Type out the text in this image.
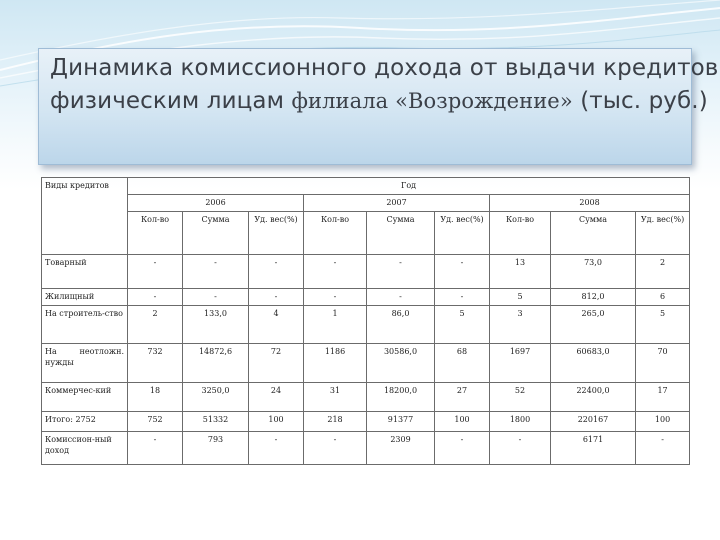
Динамика комиссионного дохода от выдачи кредитов
физическим лицам филиала «Возрождение» (тыс. руб.)
Виды кредитов	Год								
	2006			2007			2008		
	Кол-во	Сумма	Уд. вес(%)	Кол-во	Сумма	Уд. вес(%)	Кол-во	Сумма	Уд. вес(%)
Товарный	-	-	-	-	-	-	13	73,0	2
Жилищный	-	-	-	-	-	-	5	812,0	6
На строитель-ство	2	133,0	4	1	86,0	5	3	265,0	5
На неотложн. нужды	732	14872,6	72	1186	30586,0	68	1697	60683,0	70
Коммерчес-кий	18	3250,0	24	31	18200,0	27	52	22400,0	17
Итого: 2752	752	51332	100	218	91377	100	1800	220167	100
Комиссион-ный доход	-	793	-	-	2309	-	-	6171	-
